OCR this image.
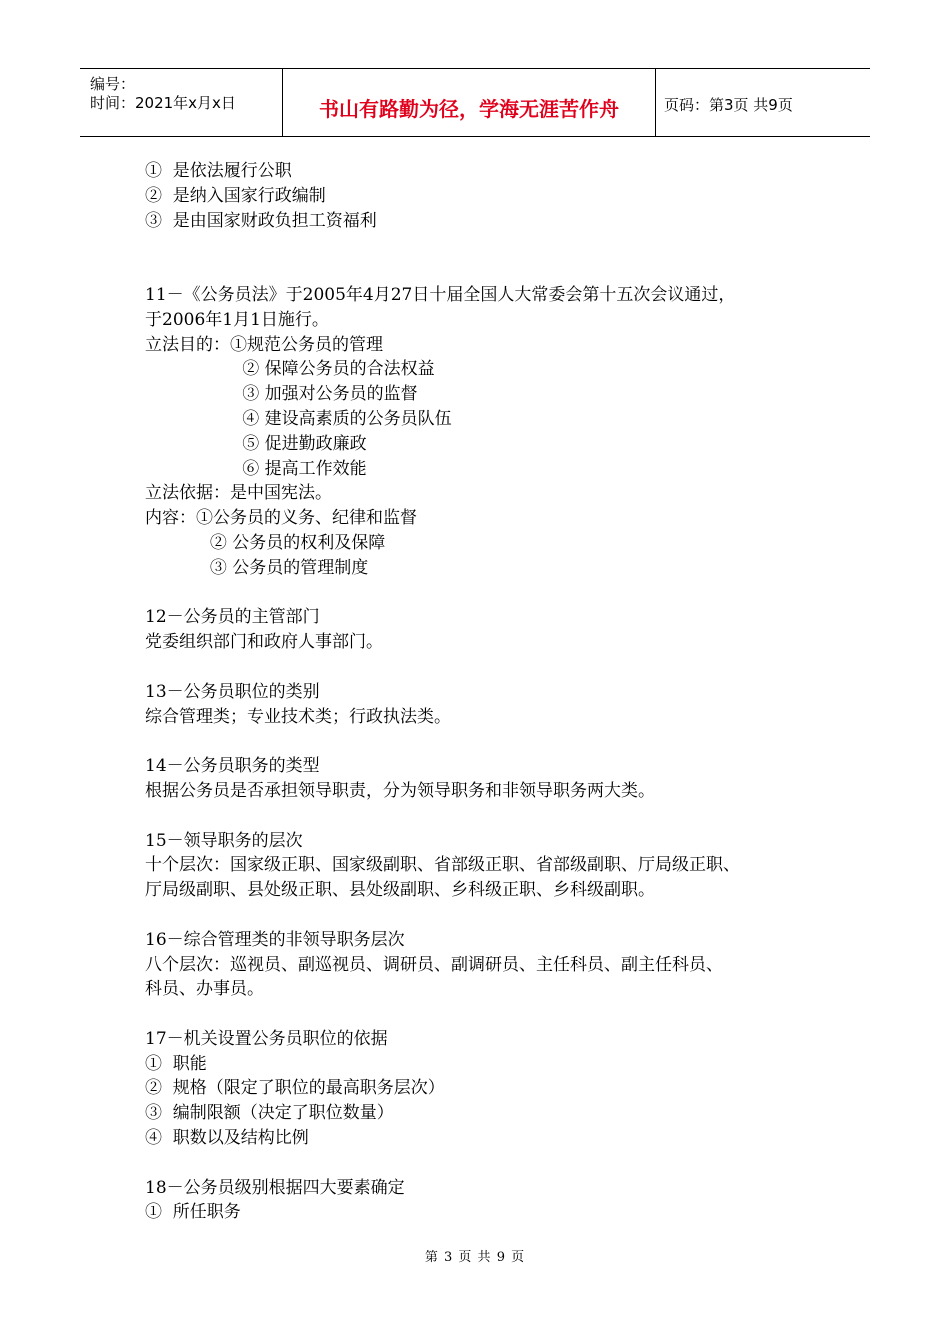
编号：
时间：2021年x月x日	书山有路勤为径，学海无涯苦作舟	页码：第3页 共9页
①  是依法履行公职
②  是纳入国家行政编制
③  是由国家财政负担工资福利
11－《公务员法》于2005年4月27日十届全国人大常委会第十五次会议通过，
于2006年1月1日施行。
立法目的：①规范公务员的管理
② 保障公务员的合法权益
③ 加强对公务员的监督
④ 建设高素质的公务员队伍
⑤ 促进勤政廉政
⑥ 提高工作效能
立法依据：是中国宪法。
内容：①公务员的义务、纪律和监督
② 公务员的权利及保障
③ 公务员的管理制度
12－公务员的主管部门
党委组织部门和政府人事部门。
13－公务员职位的类别
综合管理类；专业技术类；行政执法类。
14－公务员职务的类型
根据公务员是否承担领导职责，分为领导职务和非领导职务两大类。
15－领导职务的层次
十个层次：国家级正职、国家级副职、省部级正职、省部级副职、厅局级正职、
厅局级副职、县处级正职、县处级副职、乡科级正职、乡科级副职。
16－综合管理类的非领导职务层次
八个层次：巡视员、副巡视员、调研员、副调研员、主任科员、副主任科员、
科员、办事员。
17－机关设置公务员职位的依据
①  职能
②  规格（限定了职位的最高职务层次）
③  编制限额（决定了职位数量）
④  职数以及结构比例
18－公务员级别根据四大要素确定
①  所任职务
第 3 页 共 9 页
